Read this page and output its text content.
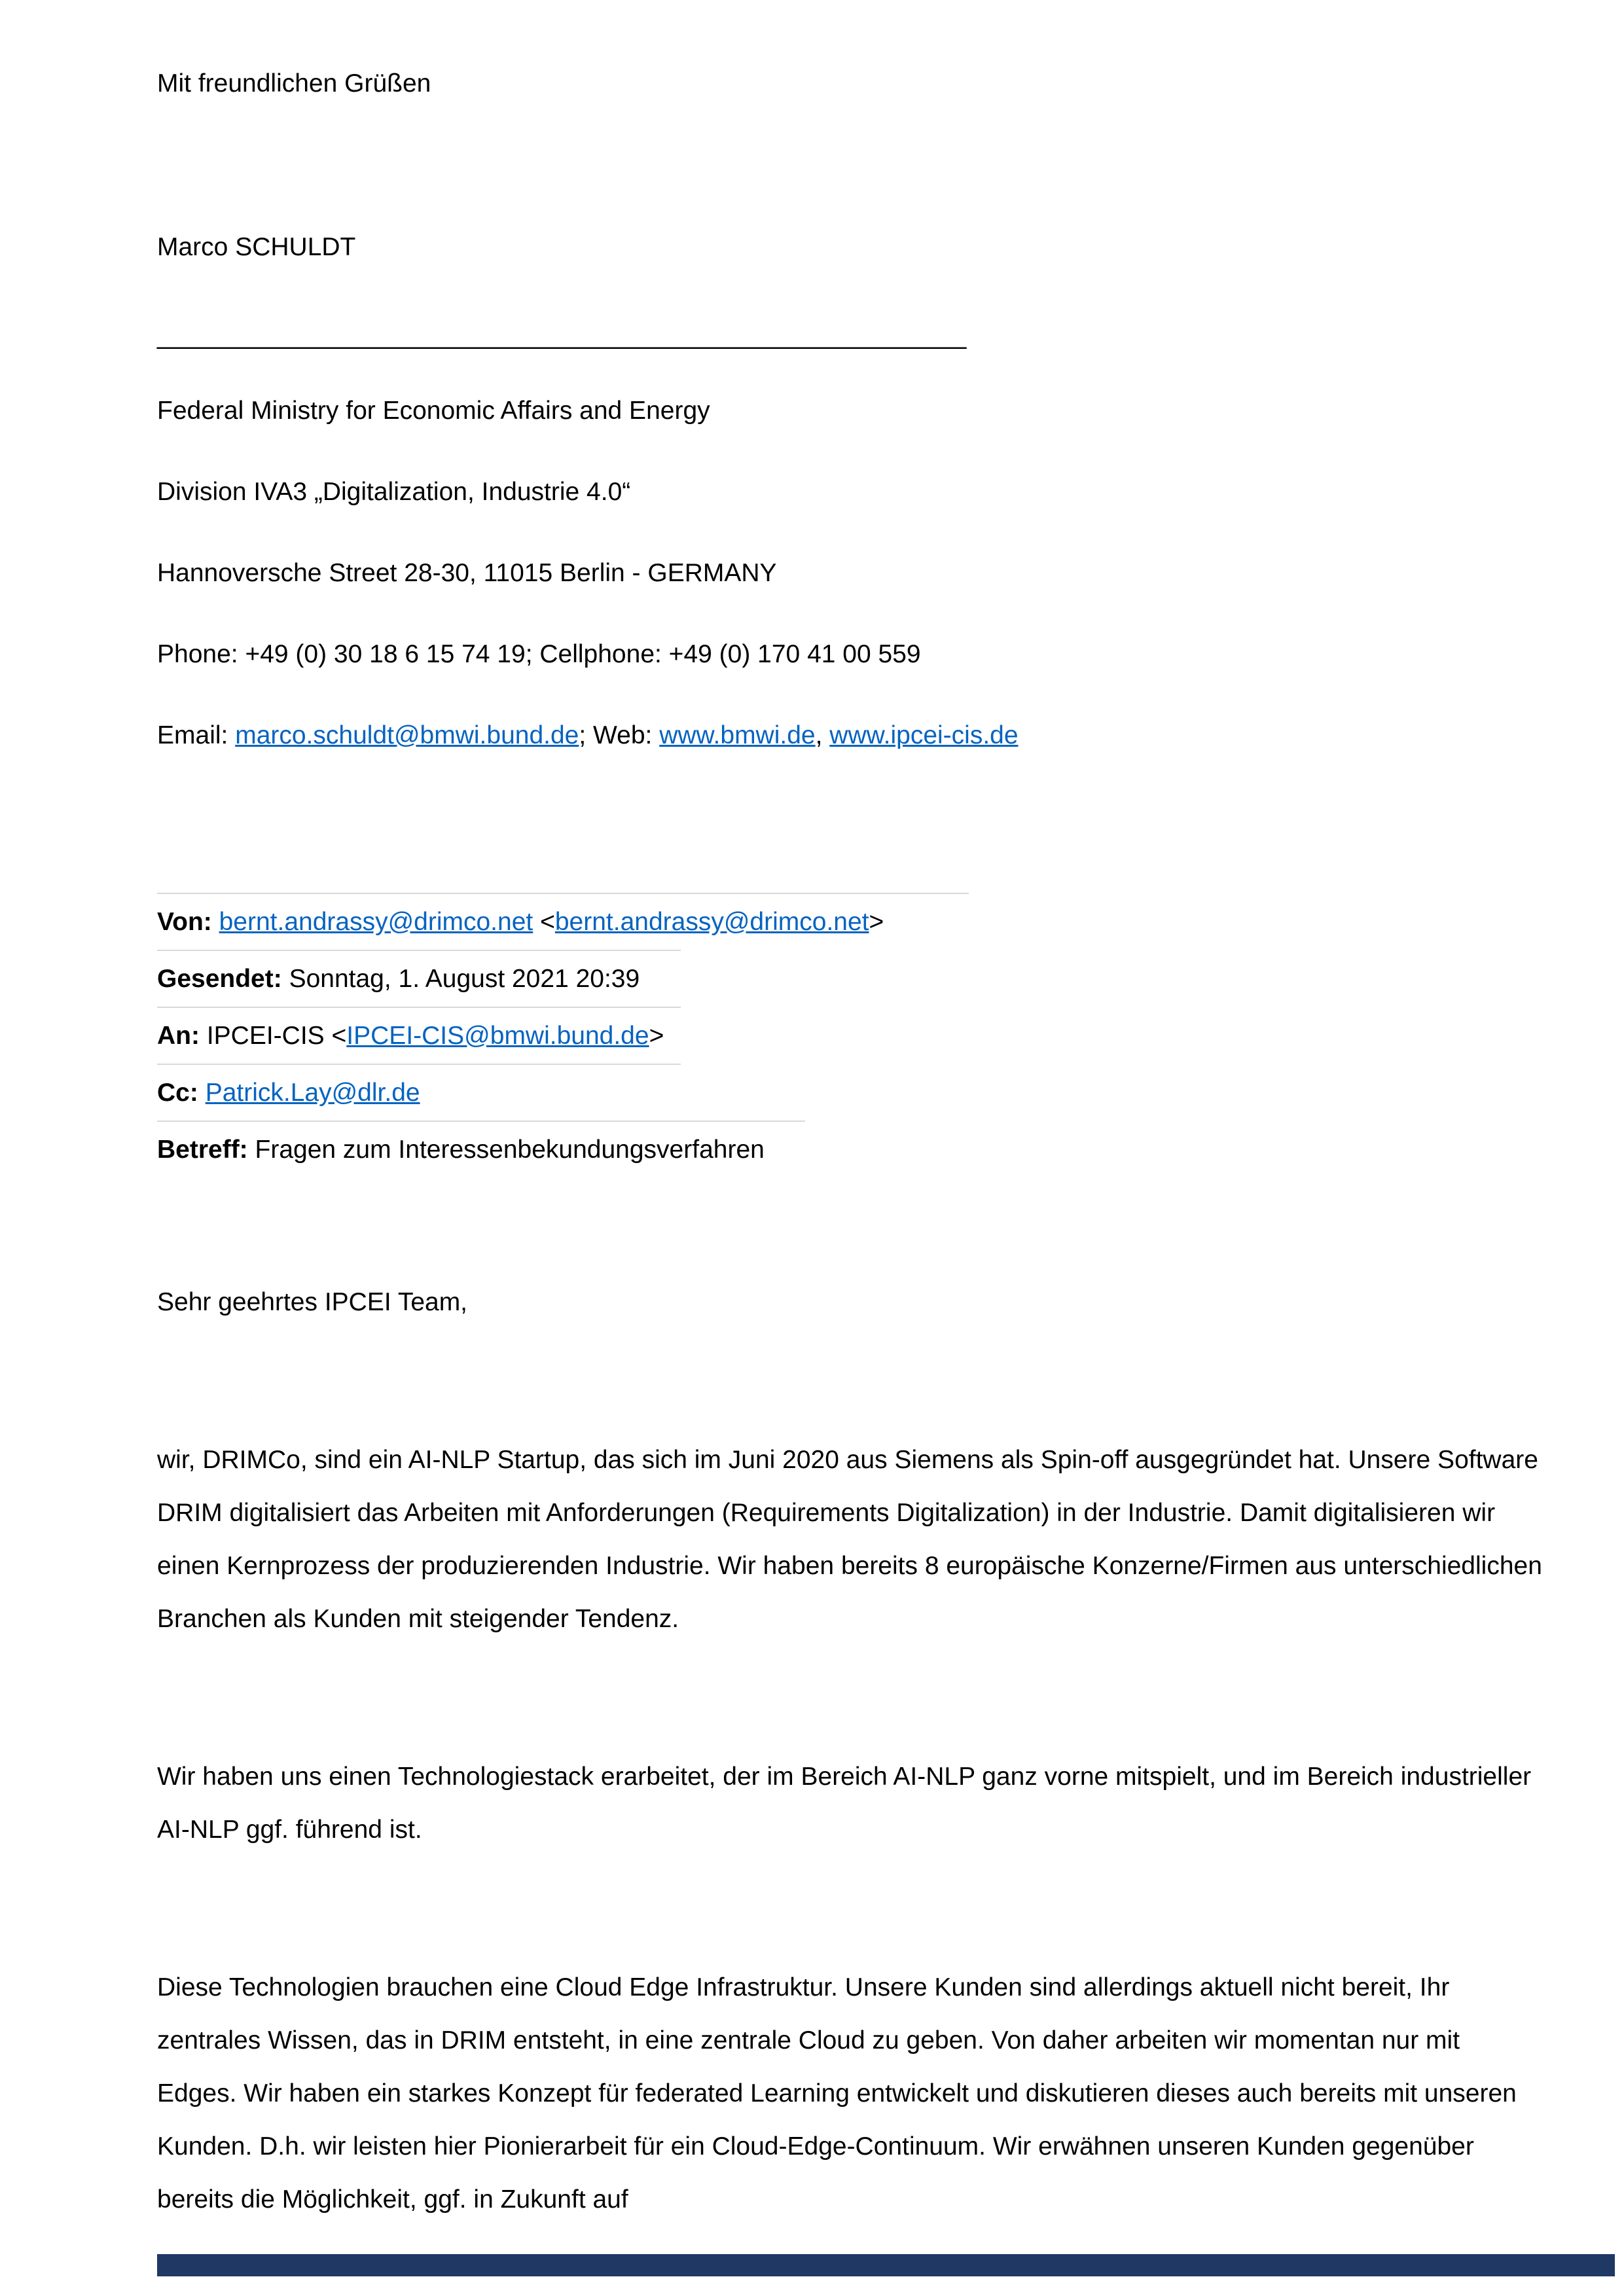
Mit freundlichen Grüßen

Marco SCHULDT

_________________________________________________________

Federal Ministry for Economic Affairs and Energy

Division IVA3 „Digitalization, Industrie 4.0“

Hannoversche Street 28-30, 11015 Berlin - GERMANY

Phone: +49 (0) 30 18 6 15 74 19; Cellphone: +49 (0) 170 41 00 559

Email: marco.schuldt@bmwi.bund.de; Web: www.bmwi.de, www.ipcei-cis.de

Von: bernt.andrassy@drimco.net <bernt.andrassy@drimco.net>

Gesendet: Sonntag, 1. August 2021 20:39

An: IPCEI-CIS <IPCEI-CIS@bmwi.bund.de>

Cc: Patrick.Lay@dlr.de

Betreff: Fragen zum Interessenbekundungsverfahren

Sehr geehrtes IPCEI Team,

wir, DRIMCo, sind ein AI-NLP Startup, das sich im Juni 2020 aus Siemens als Spin-off ausgegründet hat. Unsere Software DRIM digitalisiert das Arbeiten mit Anforderungen (Requirements Digitalization) in der Industrie. Damit digitalisieren wir einen Kernprozess der produzierenden Industrie. Wir haben bereits 8 europäische Konzerne/Firmen aus unterschiedlichen Branchen als Kunden mit steigender Tendenz.

Wir haben uns einen Technologiestack erarbeitet, der im Bereich AI-NLP ganz vorne mitspielt, und im Bereich industrieller AI-NLP ggf. führend ist.

Diese Technologien brauchen eine Cloud Edge Infrastruktur. Unsere Kunden sind allerdings aktuell nicht bereit, Ihr zentrales Wissen, das in DRIM entsteht, in eine zentrale Cloud zu geben. Von daher arbeiten wir momentan nur mit Edges. Wir haben ein starkes Konzept für federated Learning entwickelt und diskutieren dieses auch bereits mit unseren Kunden. D.h. wir leisten hier Pionierarbeit für ein Cloud-Edge-Continuum. Wir erwähnen unseren Kunden gegenüber bereits die Möglichkeit, ggf. in Zukunft auf
